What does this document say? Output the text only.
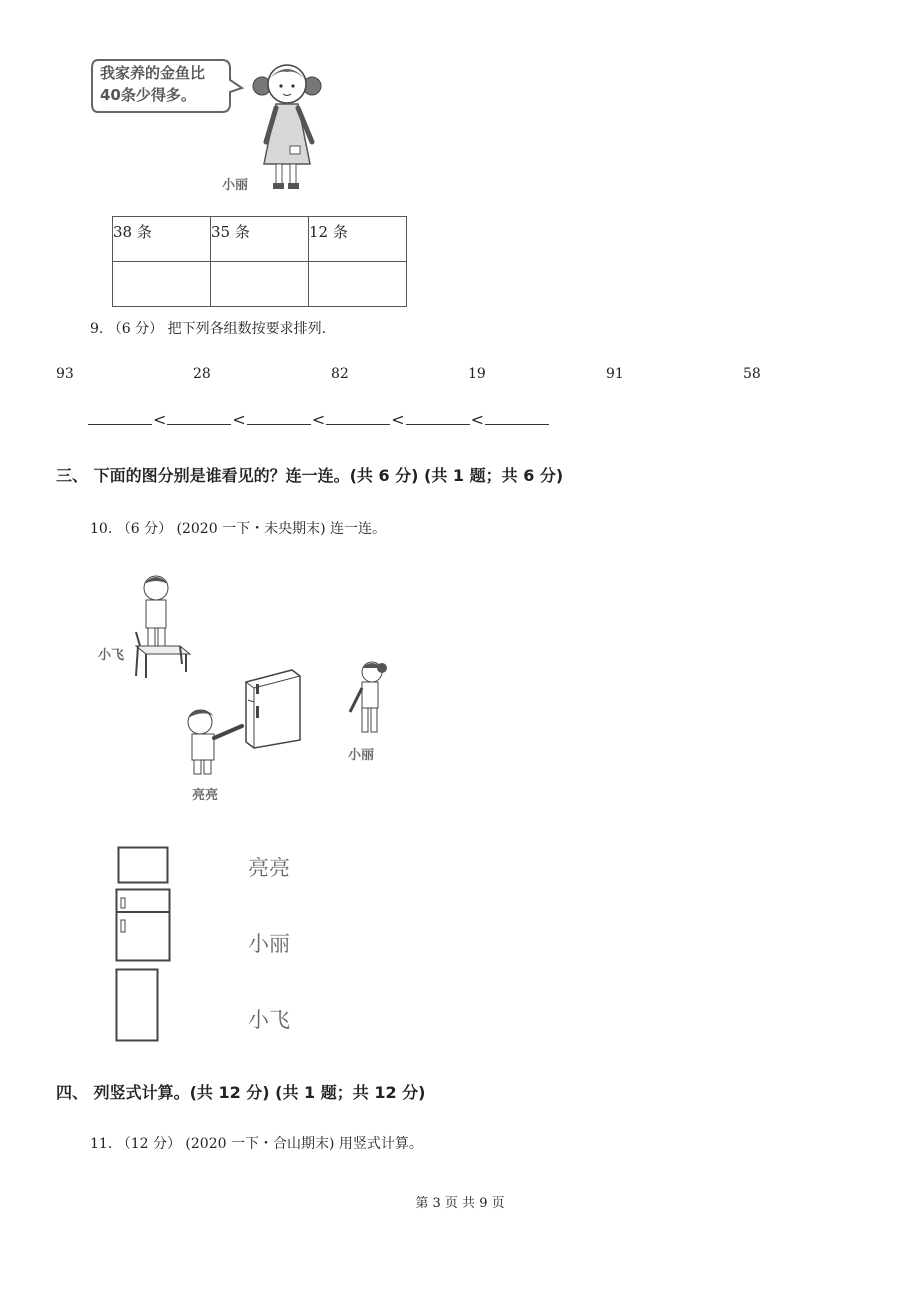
我家养的金鱼比
40条少得多。
小丽
38 条	35 条	12 条

9. （6 分） 把下列各组数按要求排列.
93	28	82	19	91	58
<	<	<	<	<
三、 下面的图分别是谁看见的？连一连。(共 6 分) (共 1 题；共 6 分)
10. （6 分） (2020 一下・未央期末) 连一连。
小飞
亮亮
小丽
亮亮
小丽
小飞
四、 列竖式计算。(共 12 分) (共 1 题；共 12 分)
11. （12 分） (2020 一下・合山期末) 用竖式计算。
第 3 页 共 9 页
